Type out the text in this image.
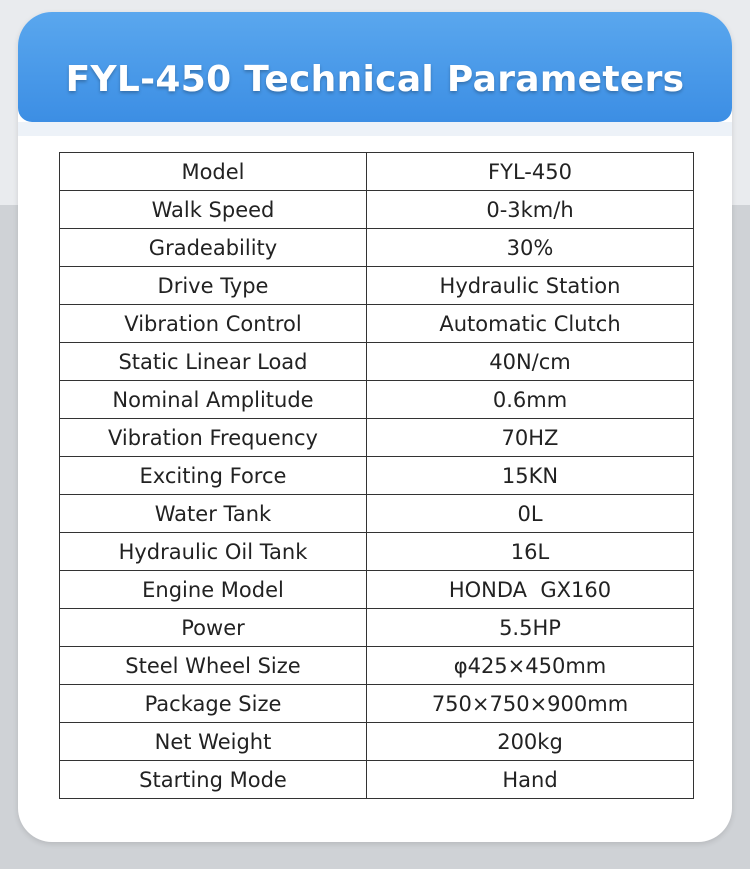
FYL-450 Technical Parameters
Model	FYL-450
Walk Speed	0-3km/h
Gradeability	30%
Drive Type	Hydraulic Station
Vibration Control	Automatic Clutch
Static Linear Load	40N/cm
Nominal Amplitude	0.6mm
Vibration Frequency	70HZ
Exciting Force	15KN
Water Tank	0L
Hydraulic Oil Tank	16L
Engine Model	HONDA  GX160
Power	5.5HP
Steel Wheel Size	φ425×450mm
Package Size	750×750×900mm
Net Weight	200kg
Starting Mode	Hand
